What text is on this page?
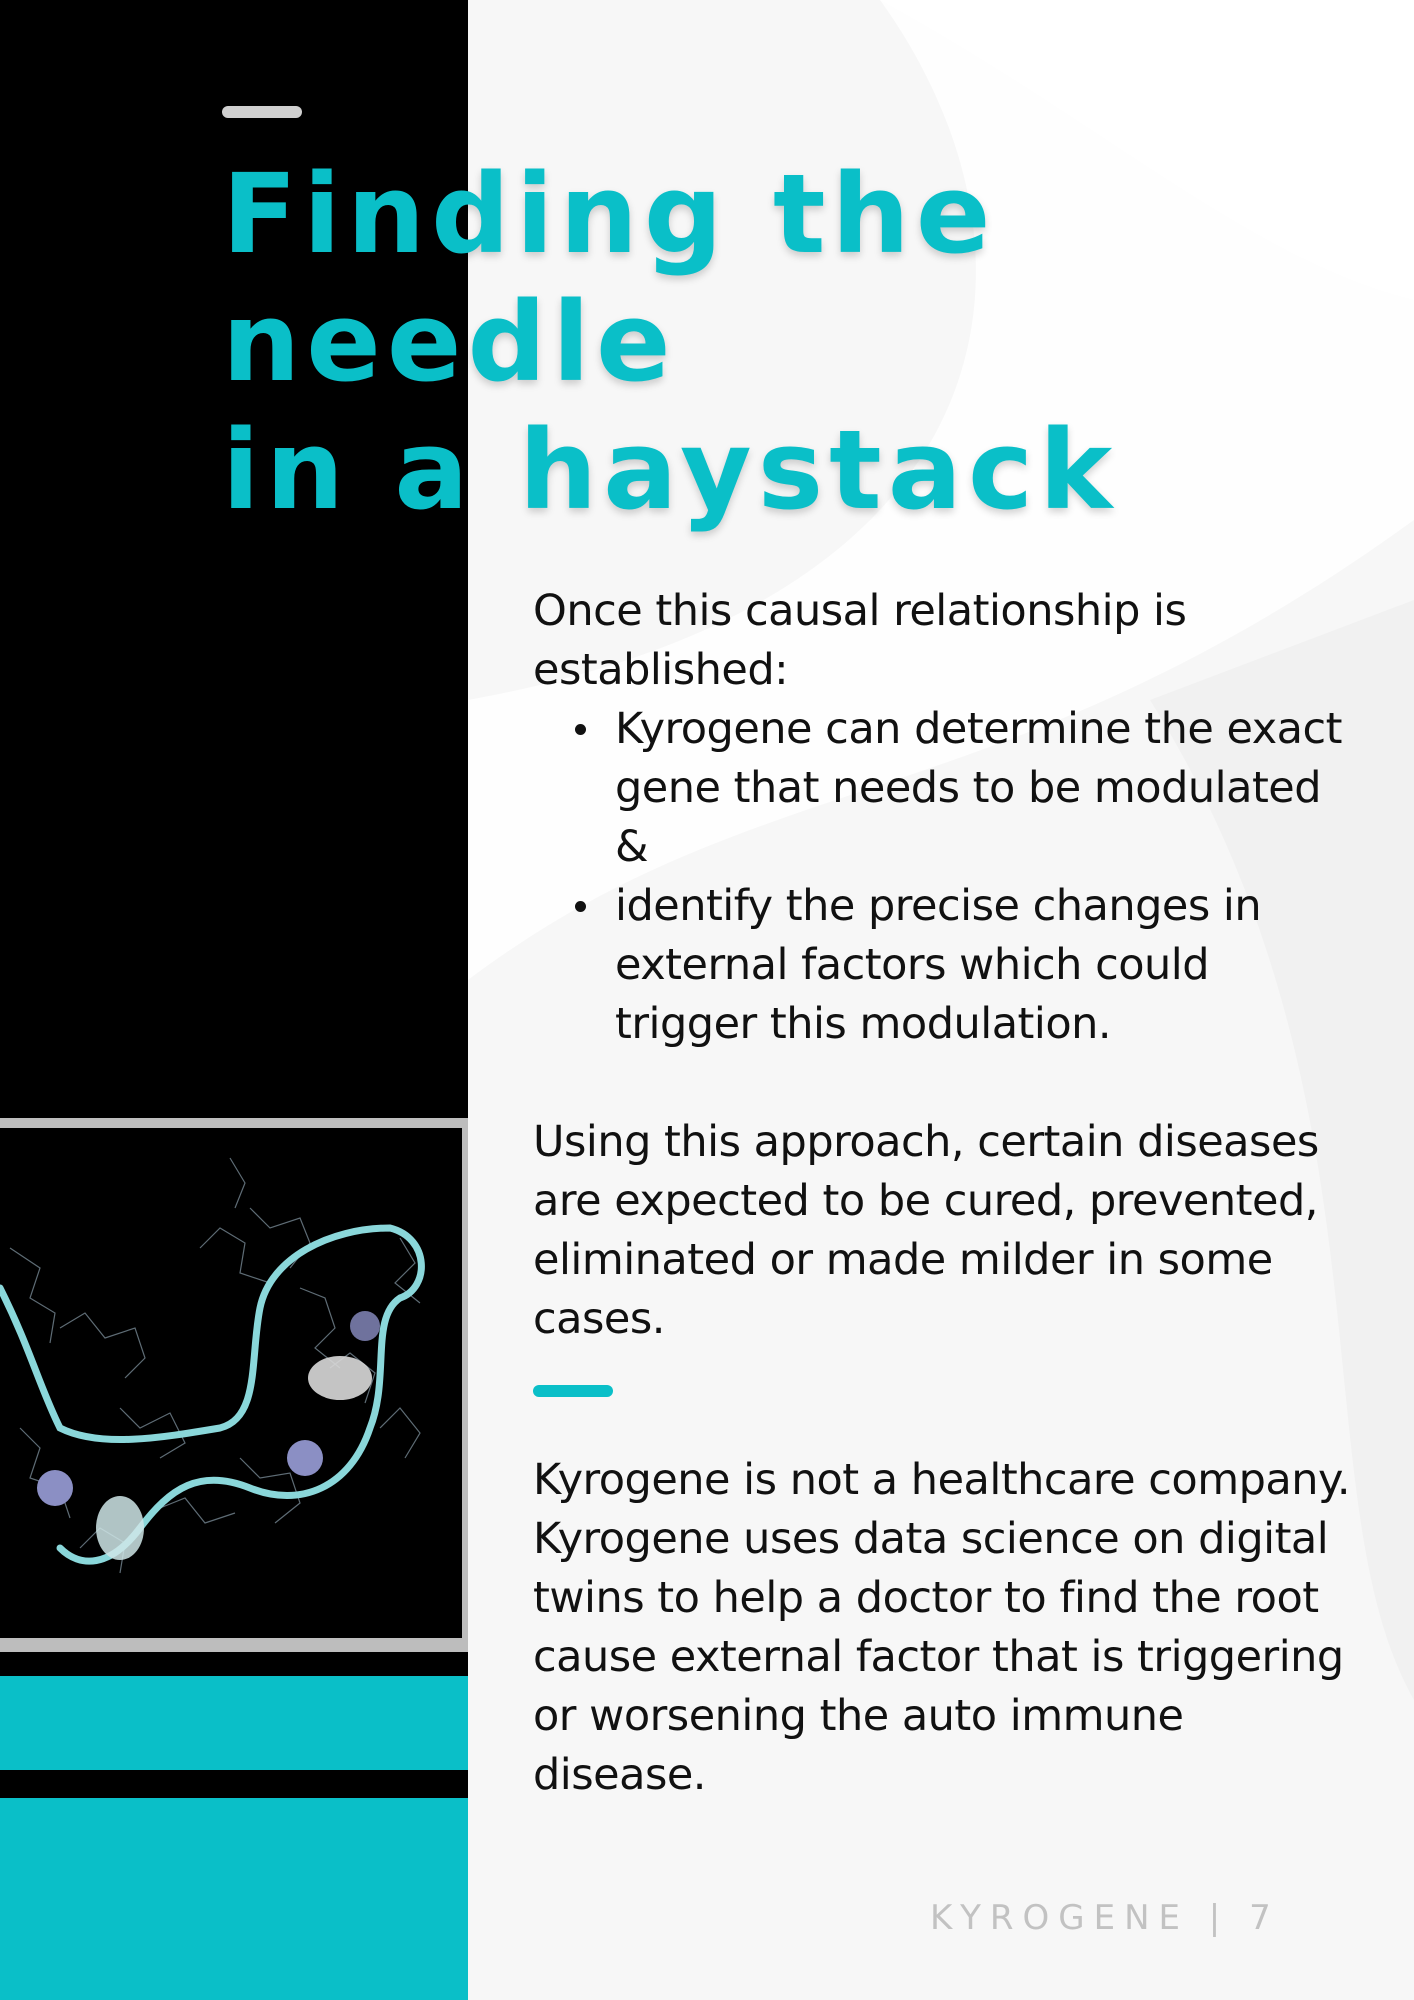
Finding the
needle
in a haystack

Once this causal relationship is established:

Kyrogene can determine the exact gene that needs to be modulated &
identify the precise changes in external factors which could trigger this modulation.

Using this approach, certain diseases are expected to be cured, prevented, eliminated or made milder in some cases.

Kyrogene is not a healthcare company. Kyrogene uses data science on digital twins to help a doctor to find the root cause external factor that is triggering or worsening the auto immune disease.

KYROGENE | 7
